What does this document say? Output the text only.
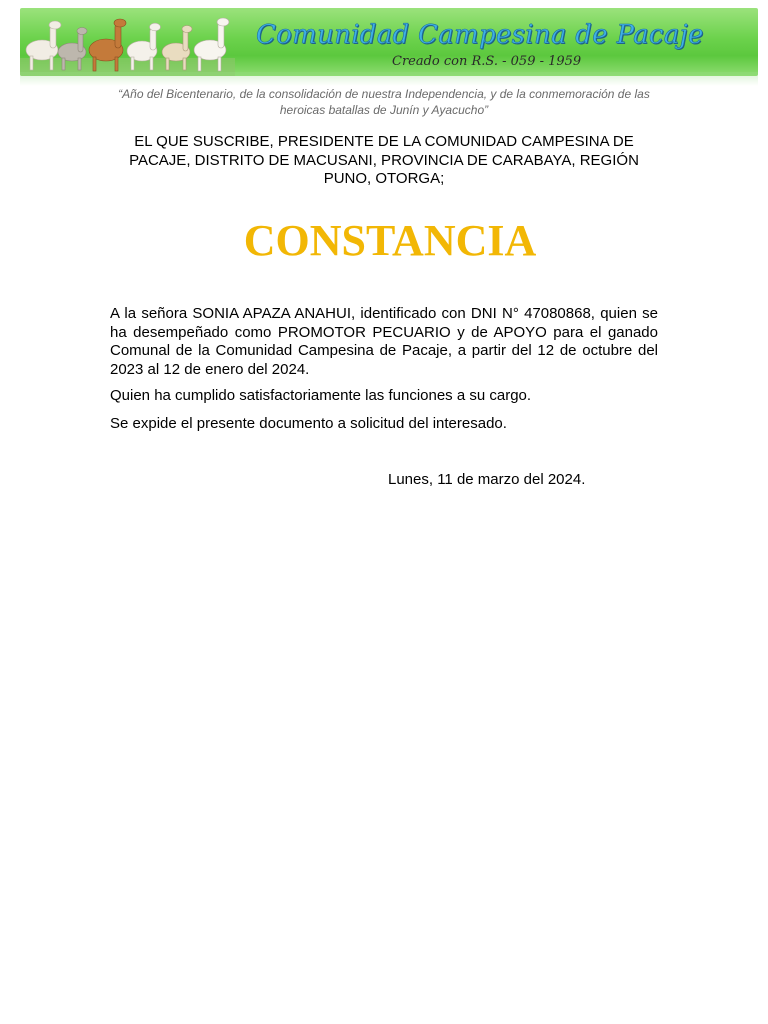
Comunidad Campesina de Pacaje
Creado con R.S. - 059 - 1959
“Año del Bicentenario, de la consolidación de nuestra Independencia, y de la conmemoración de las heroicas batallas de Junín y Ayacucho”
EL QUE SUSCRIBE, PRESIDENTE DE LA COMUNIDAD CAMPESINA DE PACAJE, DISTRITO DE MACUSANI, PROVINCIA DE CARABAYA, REGIÓN PUNO, OTORGA;
CONSTANCIA

A la señora SONIA APAZA ANAHUI, identificado con DNI N° 47080868, quien se ha desempeñado como PROMOTOR PECUARIO y de APOYO para el ganado Comunal de la Comunidad Campesina de Pacaje, a partir del 12 de octubre del 2023 al 12 de enero del 2024.

Quien ha cumplido satisfactoriamente las funciones a su cargo.

Se expide el presente documento a solicitud del interesado.

Lunes, 11 de marzo del 2024.
